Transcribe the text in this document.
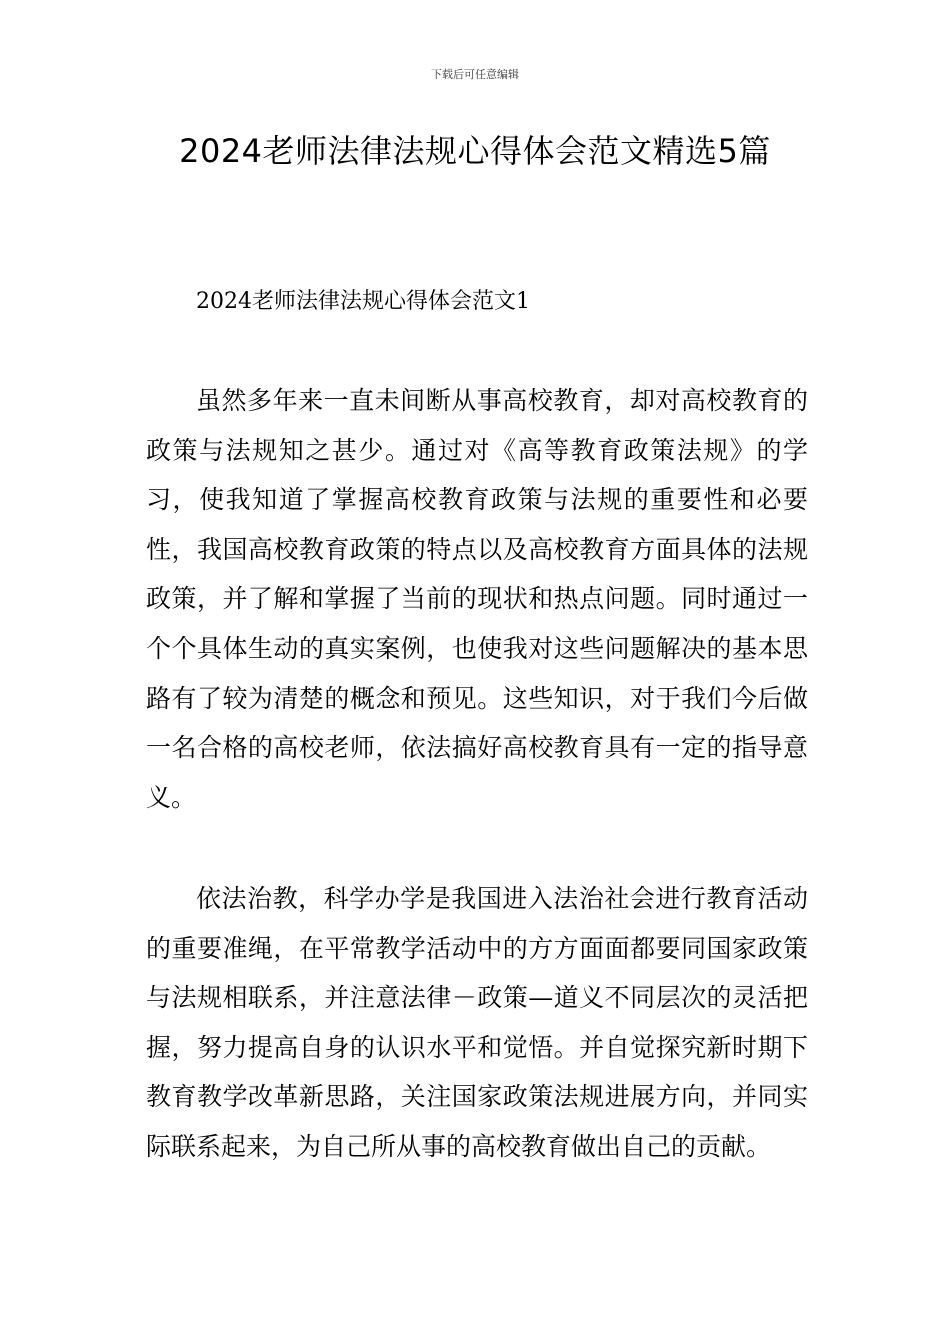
下载后可任意编辑
2024老师法律法规心得体会范文精选5篇
2024老师法律法规心得体会范文1

虽然多年来一直未间断从事高校教育，却对高校教育的政策与法规知之甚少。通过对《高等教育政策法规》的学习，使我知道了掌握高校教育政策与法规的重要性和必要性，我国高校教育政策的特点以及高校教育方面具体的法规政策，并了解和掌握了当前的现状和热点问题。同时通过一个个具体生动的真实案例，也使我对这些问题解决的基本思路有了较为清楚的概念和预见。这些知识，对于我们今后做一名合格的高校老师，依法搞好高校教育具有一定的指导意义。

依法治教，科学办学是我国进入法治社会进行教育活动的重要准绳，在平常教学活动中的方方面面都要同国家政策与法规相联系，并注意法律－政策—道义不同层次的灵活把握，努力提高自身的认识水平和觉悟。并自觉探究新时期下教育教学改革新思路，关注国家政策法规进展方向，并同实际联系起来，为自己所从事的高校教育做出自己的贡献。
